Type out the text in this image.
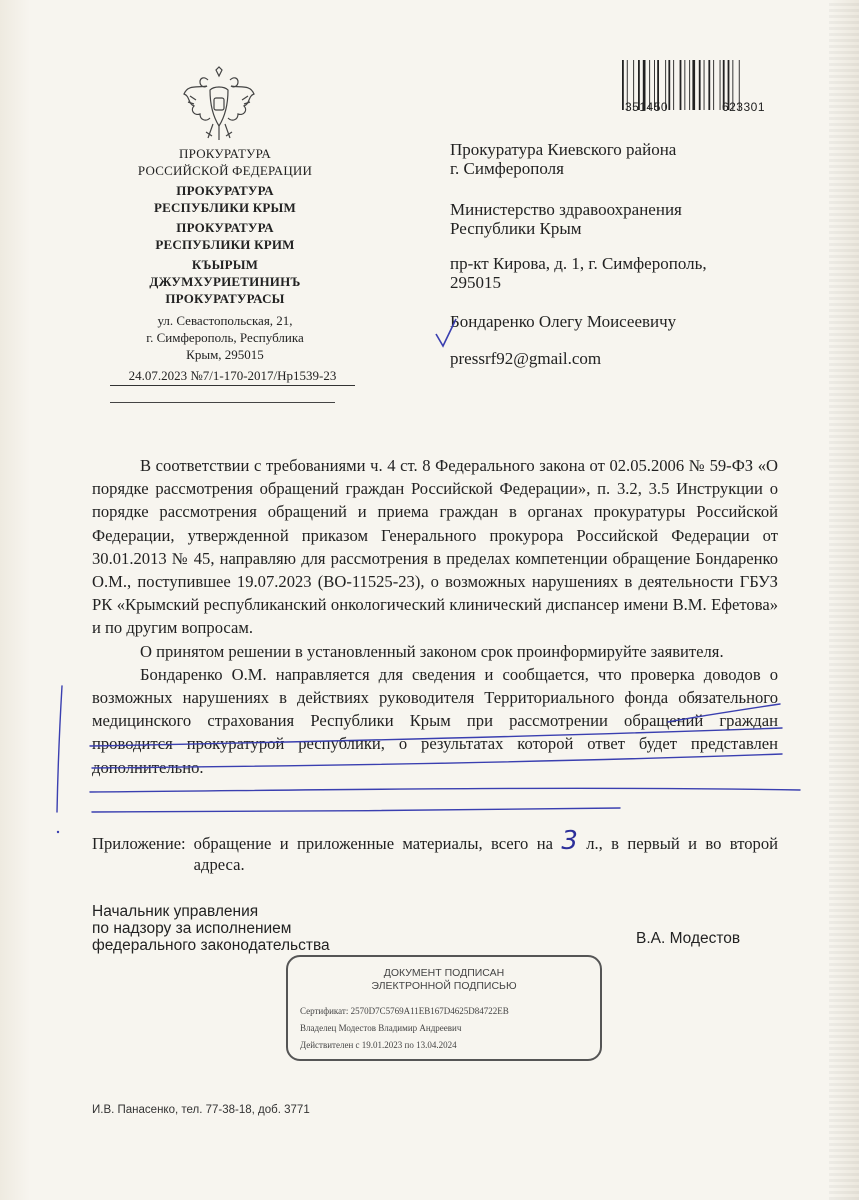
351450	623301
ПРОКУРАТУРА
РОССИЙСКОЙ ФЕДЕРАЦИИ
ПРОКУРАТУРА
РЕСПУБЛИКИ КРЫМ
ПРОКУРАТУРА
РЕСПУБЛИКИ КРИМ
КЪЫРЫМ
ДЖУМХУРИЕТИНИНЪ
ПРОКУРАТУРАСЫ
ул. Севастопольская, 21,
г. Симферополь, Республика
Крым, 295015
24.07.2023 №7/1-170-2017/Нр1539-23
Прокуратура Киевского района
г. Симферополя
Министерство здравоохранения
Республики Крым
пр-кт Кирова, д. 1, г. Симферополь,
295015
Бондаренко Олегу Моисеевичу
pressrf92@gmail.com

В соответствии с требованиями ч. 4 ст. 8 Федерального закона от 02.05.2006 № 59-ФЗ «О порядке рассмотрения обращений граждан Российской Федерации», п. 3.2, 3.5 Инструкции о порядке рассмотрения обращений и приема граждан в органах прокуратуры Российской Федерации, утвержденной приказом Генерального прокурора Российской Федерации от 30.01.2013 № 45, направляю для рассмотрения в пределах компетенции обращение Бондаренко О.М., поступившее 19.07.2023 (ВО-11525-23), о возможных нарушениях в деятельности ГБУЗ РК «Крымский республиканский онкологический клинический диспансер имени В.М. Ефетова» и по другим вопросам.

О принятом решении в установленный законом срок проинформируйте заявителя.

Бондаренко О.М. направляется для сведения и сообщается, что проверка доводов о возможных нарушениях в действиях руководителя Территориального фонда обязательного медицинского страхования Республики Крым при рассмотрении обращений граждан проводится прокуратурой республики, о результатах которой ответ будет представлен дополнительно.

Приложение: обращение и приложенные материалы, всего на 3 л., в первый и во второй адреса.
Начальник управления
по надзору за исполнением
федерального законодательства	В.А. Модестов
ДОКУМЕНТ ПОДПИСАН
ЭЛЕКТРОННОЙ ПОДПИСЬЮ
Сертификат: 2570D7C5769A11EB167D4625D84722EB
Владелец Модестов Владимир Андреевич
Действителен с 19.01.2023 по 13.04.2024
И.В. Панасенко, тел. 77-38-18, доб. 3771
